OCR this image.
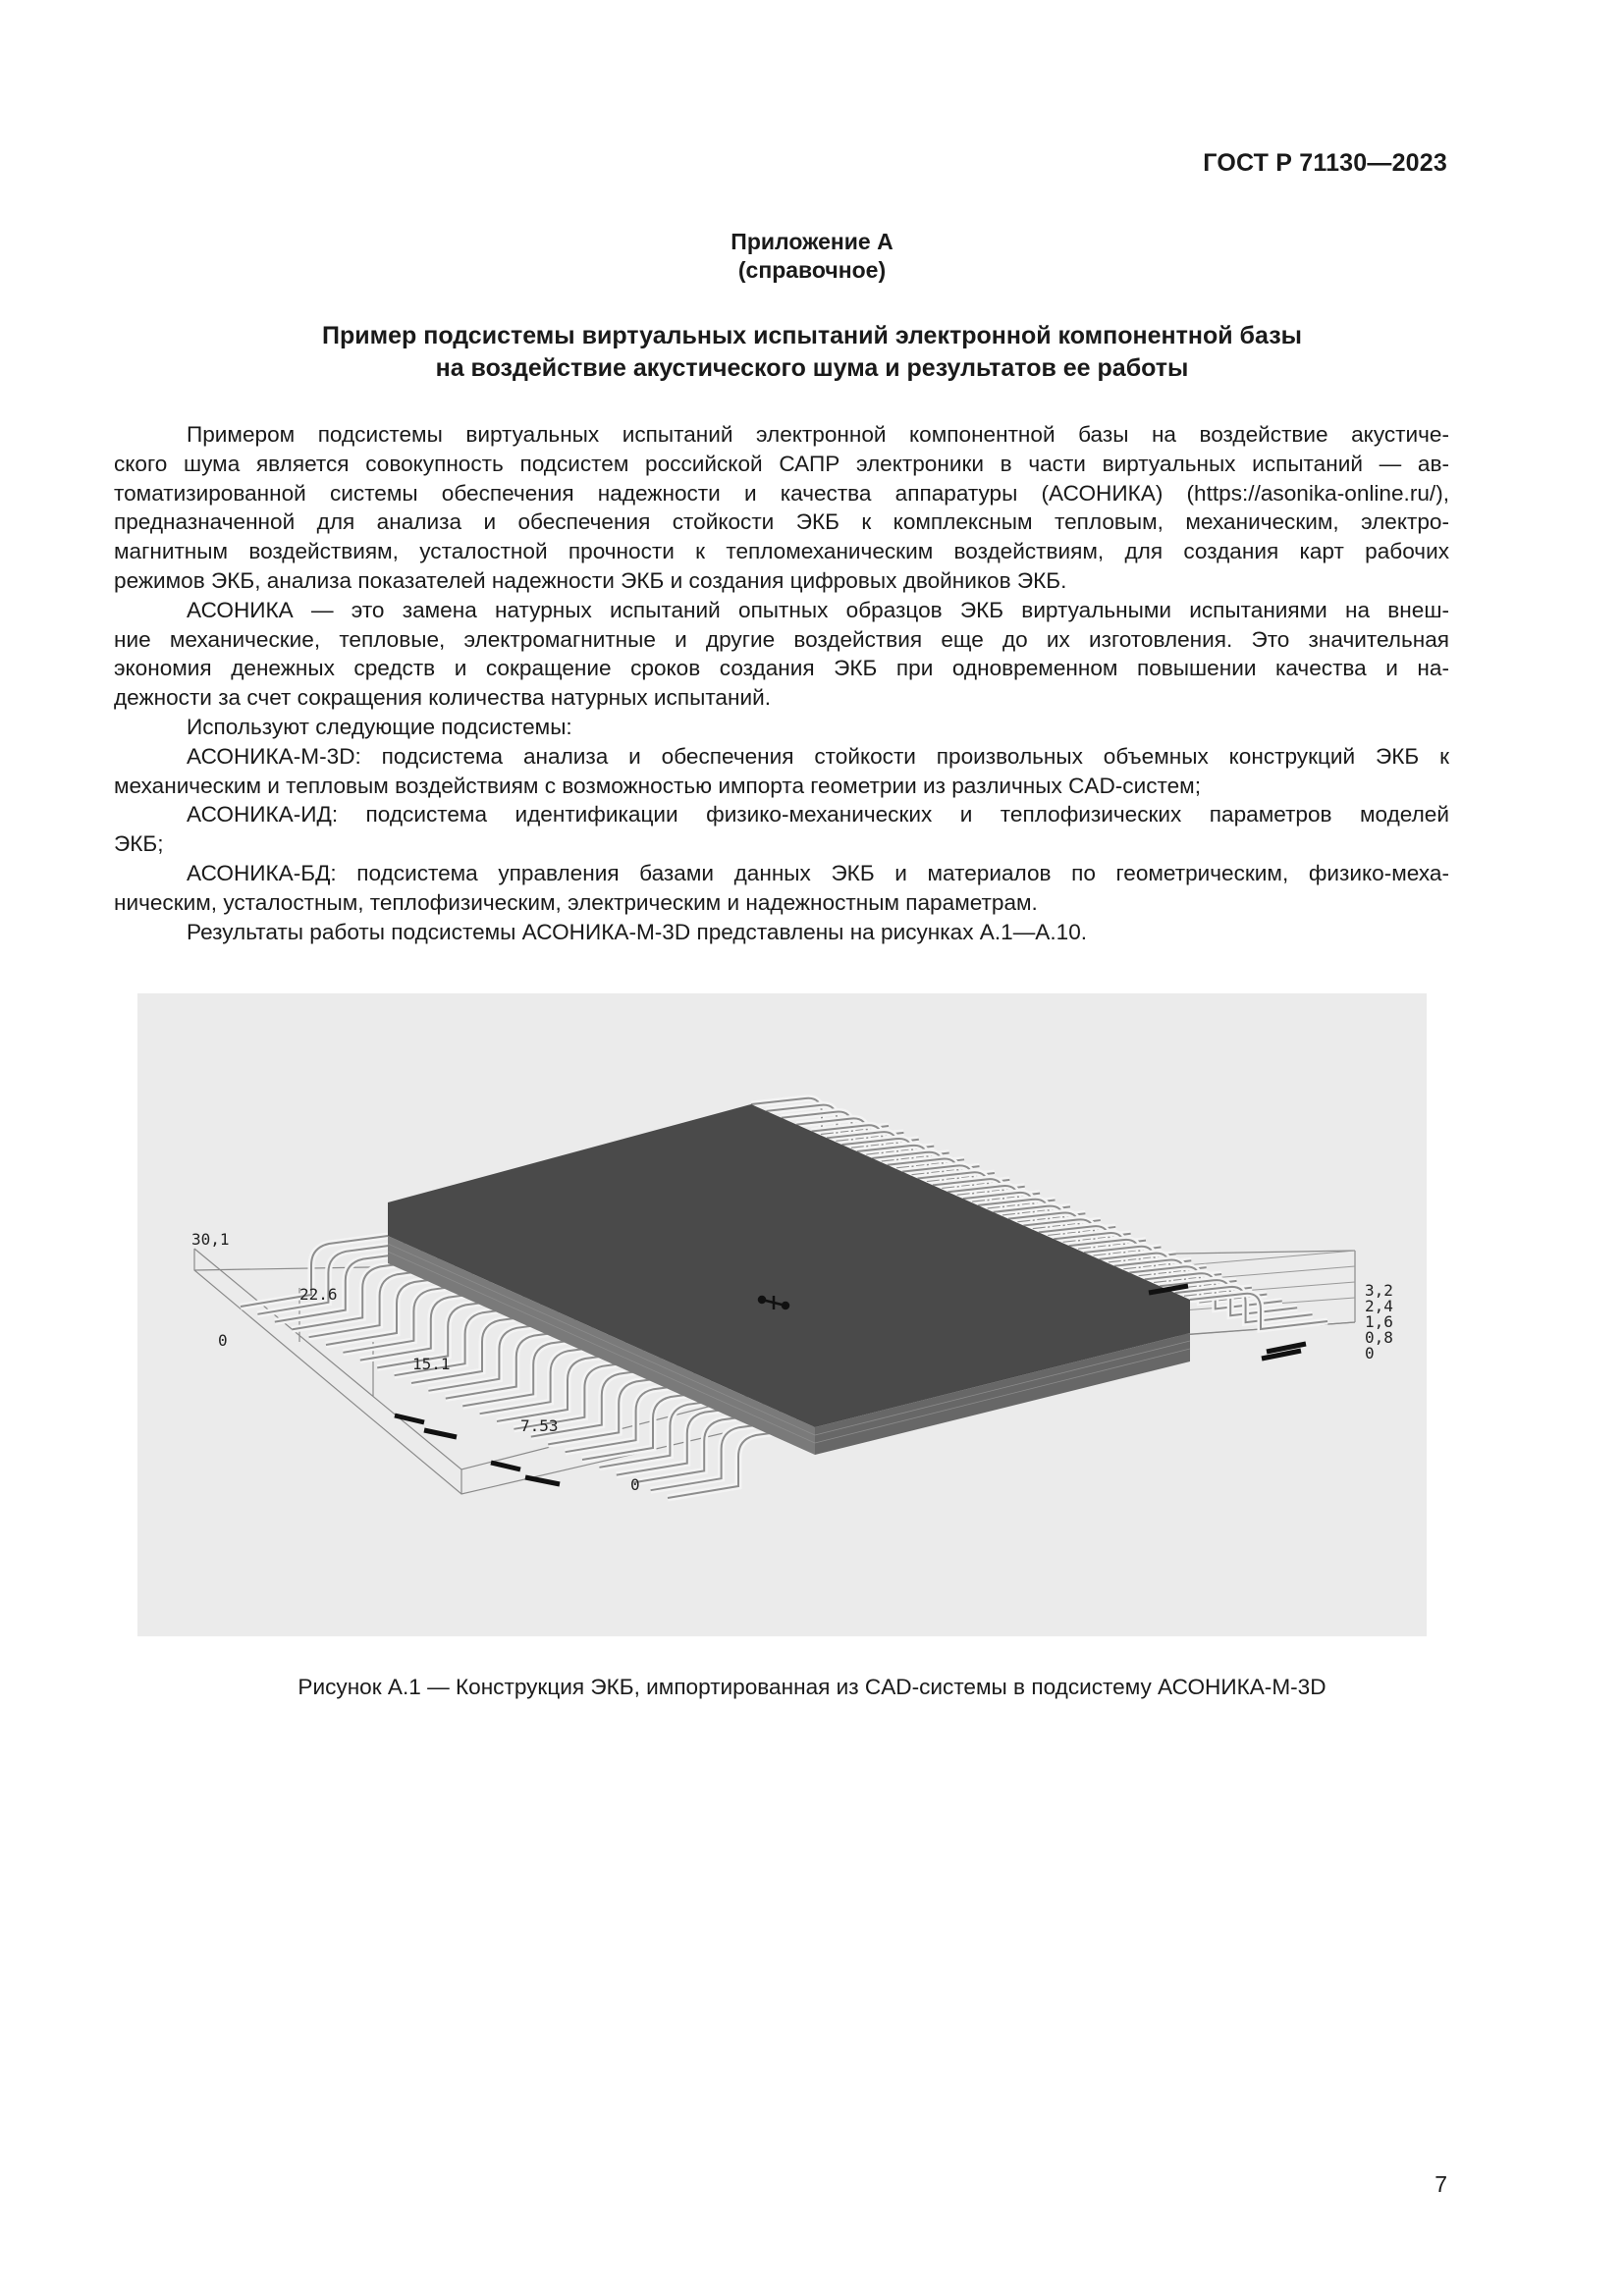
ГОСТ Р 71130—2023
Приложение А
(справочное)
Пример подсистемы виртуальных испытаний электронной компонентной базы
на воздействие акустического шума и результатов ее работы
Примером подсистемы виртуальных испытаний электронной компонентной базы на воздействие акустиче-
ского шума является совокупность подсистем российской САПР электроники в части виртуальных испытаний — ав-
томатизированной системы обеспечения надежности и качества аппаратуры (АСОНИКА) (https://asonika-online.ru/),
предназначенной для анализа и обеспечения стойкости ЭКБ к комплексным тепловым, механическим, электро-
магнитным воздействиям, усталостной прочности к тепломеханическим воздействиям, для создания карт рабочих
режимов ЭКБ, анализа показателей надежности ЭКБ и создания цифровых двойников ЭКБ.
АСОНИКА — это замена натурных испытаний опытных образцов ЭКБ виртуальными испытаниями на внеш-
ние механические, тепловые, электромагнитные и другие воздействия еще до их изготовления. Это значительная
экономия денежных средств и сокращение сроков создания ЭКБ при одновременном повышении качества и на-
дежности за счет сокращения количества натурных испытаний.
Используют следующие подсистемы:
АСОНИКА-М-3D: подсистема анализа и обеспечения стойкости произвольных объемных конструкций ЭКБ к
механическим и тепловым воздействиям с возможностью импорта геометрии из различных CAD-систем;
АСОНИКА-ИД: подсистема идентификации физико-механических и теплофизических параметров моделей
ЭКБ;
АСОНИКА-БД: подсистема управления базами данных ЭКБ и материалов по геометрическим, физико-меха-
ническим, усталостным, теплофизическим, электрическим и надежностным параметрам.
Результаты работы подсистемы АСОНИКА-М-3D представлены на рисунках А.1—А.10.
30,1
22.6
15.1
7.53
0
0
3,2
2,4
1,6
0,8
0
Рисунок А.1 — Конструкция ЭКБ, импортированная из CAD-системы в подсистему АСОНИКА-М-3D
7
